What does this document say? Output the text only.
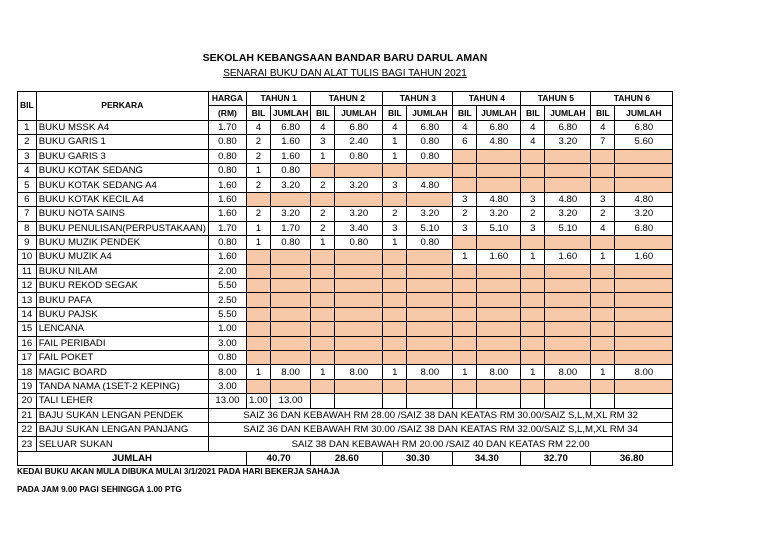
SEKOLAH KEBANGSAAN BANDAR BARU DARUL AMAN
SENARAI BUKU DAN ALAT TULIS BAGI TAHUN 2021
BIL	PERKARA	HARGA	TAHUN 1		TAHUN 2		TAHUN 3		TAHUN 4		TAHUN 5		TAHUN 6	
		(RM)	BIL	JUMLAH	BIL	JUMLAH	BIL	JUMLAH	BIL	JUMLAH	BIL	JUMLAH	BIL	JUMLAH
1	BUKU MSSK A4	1.70	4	6.80	4	6.80	4	6.80	4	6.80	4	6.80	4	6.80
2	BUKU GARIS 1	0.80	2	1.60	3	2.40	1	0.80	6	4.80	4	3.20	7	5.60
3	BUKU GARIS 3	0.80	2	1.60	1	0.80	1	0.80						
4	BUKU KOTAK SEDANG	0.80	1	0.80										
5	BUKU KOTAK SEDANG A4	1.60	2	3.20	2	3.20	3	4.80						
6	BUKU KOTAK KECIL A4	1.60							3	4.80	3	4.80	3	4.80
7	BUKU NOTA SAINS	1.60	2	3.20	2	3.20	2	3.20	2	3.20	2	3.20	2	3.20
8	BUKU PENULISAN(PERPUSTAKAAN)	1.70	1	1.70	2	3.40	3	5.10	3	5.10	3	5.10	4	6.80
9	BUKU MUZIK PENDEK	0.80	1	0.80	1	0.80	1	0.80						
10	BUKU MUZIK A4	1.60							1	1.60	1	1.60	1	1.60
11	BUKU NILAM	2.00												
12	BUKU REKOD SEGAK	5.50												
13	BUKU PAFA	2.50												
14	BUKU PAJSK	5.50												
15	LENCANA	1.00												
16	FAIL PERIBADI	3.00												
17	FAIL POKET	0.80												
18	MAGIC BOARD	8.00	1	8.00	1	8.00	1	8.00	1	8.00	1	8.00	1	8.00
19	TANDA NAMA (1SET-2 KEPING)	3.00												
20	TALI LEHER	13.00	1.00	13.00										
21	BAJU SUKAN LENGAN PENDEK	SAIZ 36 DAN KEBAWAH RM 28.00 /SAIZ 38 DAN KEATAS RM 30.00/SAIZ S,L,M,XL RM 32												
22	BAJU SUKAN LENGAN PANJANG	SAIZ 36 DAN KEBAWAH RM 30.00 /SAIZ 38 DAN KEATAS RM 32.00/SAIZ S,L,M,XL RM 34												
23	SELUAR SUKAN	SAIZ 38 DAN KEBAWAH RM 20.00 /SAIZ 40 DAN KEATAS RM 22.00												
JUMLAH			40.70		28.60		30.30		34.30		32.70		36.80	
KEDAI BUKU AKAN MULA DIBUKA MULAI 3/1/2021 PADA HARI BEKERJA SAHAJA
PADA JAM 9.00 PAGI SEHINGGA 1.00 PTG
